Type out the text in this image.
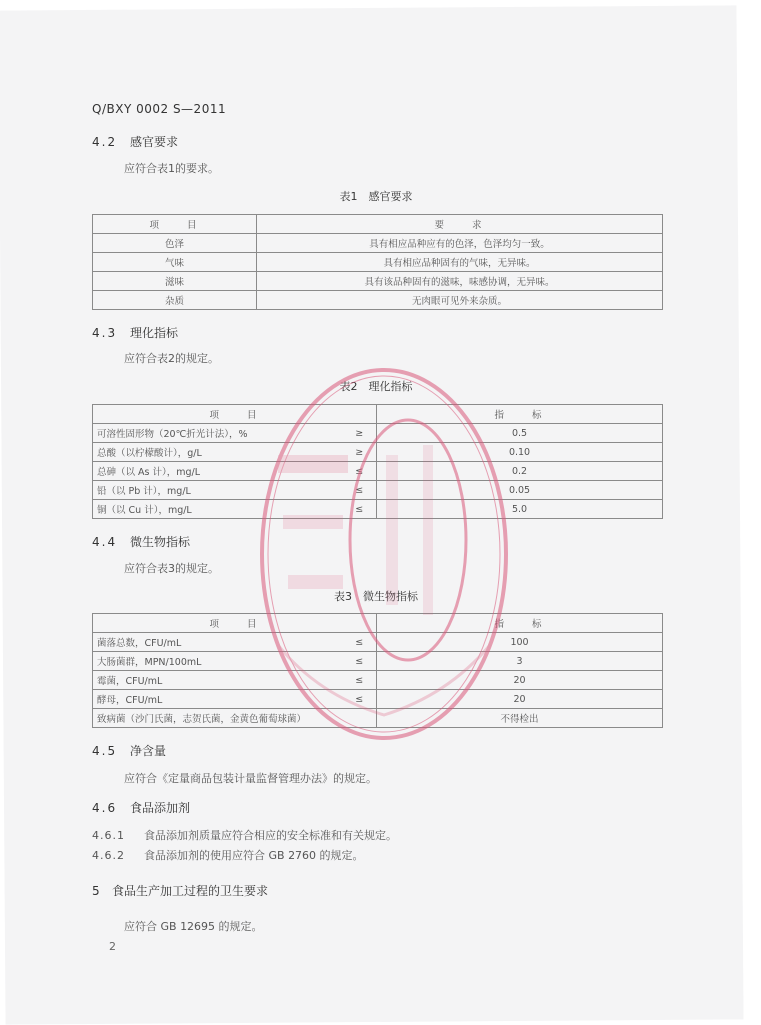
Q/BXY 0002 S—2011
4.2 感官要求
应符合表1的要求。
表1　感官要求
项　　目	要　　求
色泽	具有相应品种应有的色泽，色泽均匀一致。
气味	具有相应品种固有的气味，无异味。
滋味	具有该品种固有的滋味，味感协调，无异味。
杂质	无肉眼可见外来杂质。
4.3 理化指标
应符合表2的规定。
表2　理化指标
项　　目		指　　标
可溶性固形物（20℃折光计法），%	≥	0.5
总酸（以柠檬酸计），g/L	≥	0.10
总砷（以 As 计），mg/L	≤	0.2
铅（以 Pb 计），mg/L	≤	0.05
铜（以 Cu 计），mg/L	≤	5.0
4.4 微生物指标
应符合表3的规定。
表3　微生物指标
项　　目		指　　标
菌落总数，CFU/mL	≤	100
大肠菌群，MPN/100mL	≤	3
霉菌，CFU/mL	≤	20
酵母，CFU/mL	≤	20
致病菌（沙门氏菌，志贺氏菌，金黄色葡萄球菌）		不得检出
4.5 净含量
应符合《定量商品包装计量监督管理办法》的规定。
4.6 食品添加剂
4.6.1 食品添加剂质量应符合相应的安全标准和有关规定。
4.6.2 食品添加剂的使用应符合 GB 2760 的规定。
5 食品生产加工过程的卫生要求
应符合 GB 12695 的规定。
2
